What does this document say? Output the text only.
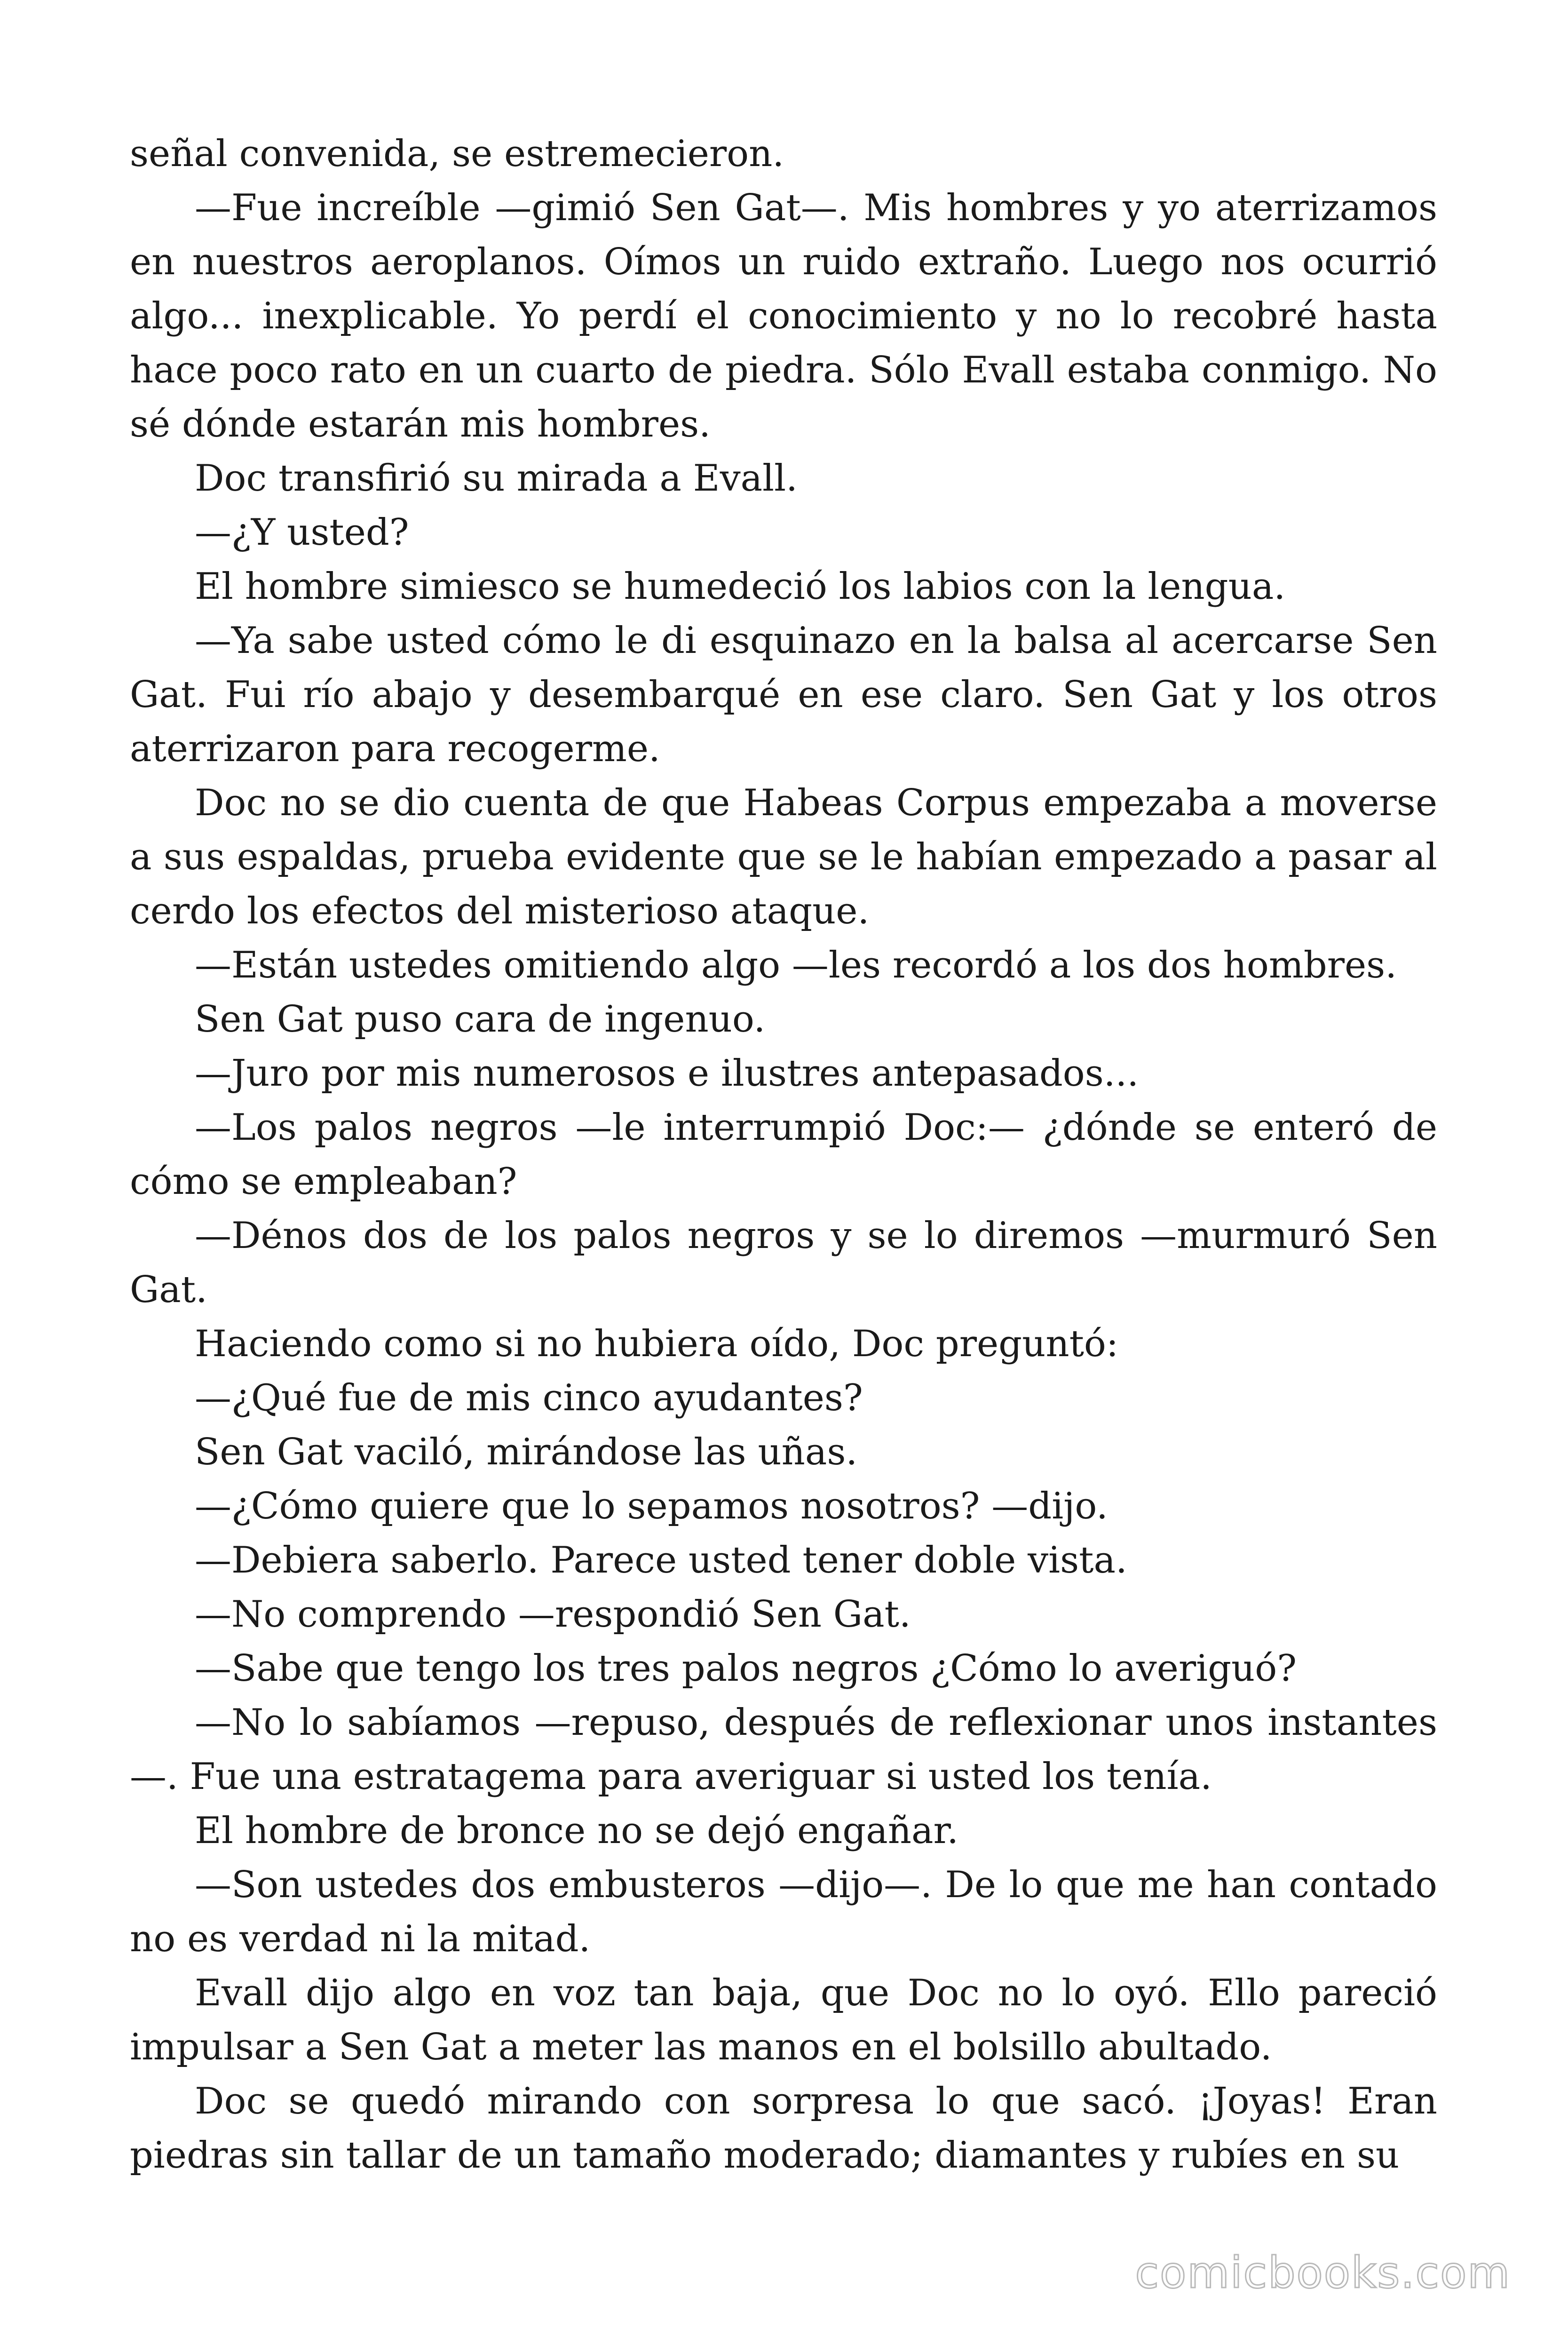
señal convenida, se estremecieron.

—Fue increíble —gimió Sen Gat—. Mis hombres y yo aterrizamos en nuestros aeroplanos. Oímos un ruido extraño. Luego nos ocurrió algo... inexplicable. Yo perdí el conocimiento y no lo recobré hasta hace poco rato en un cuarto de piedra. Sólo Evall estaba conmigo. No sé dónde estarán mis hombres.

Doc transfirió su mirada a Evall.

—¿Y usted?

El hombre simiesco se humedeció los labios con la lengua.

—Ya sabe usted cómo le di esquinazo en la balsa al acercarse Sen Gat. Fui río abajo y desembarqué en ese claro. Sen Gat y los otros aterrizaron para recogerme.

Doc no se dio cuenta de que Habeas Corpus empezaba a moverse a sus espaldas, prueba evidente que se le habían empezado a pasar al cerdo los efectos del misterioso ataque.

—Están ustedes omitiendo algo —les recordó a los dos hombres.

Sen Gat puso cara de ingenuo.

—Juro por mis numerosos e ilustres antepasados...

—Los palos negros —le interrumpió Doc:— ¿dónde se enteró de cómo se empleaban?

—Dénos dos de los palos negros y se lo diremos —murmuró Sen Gat.

Haciendo como si no hubiera oído, Doc preguntó:

—¿Qué fue de mis cinco ayudantes?

Sen Gat vaciló, mirándose las uñas.

—¿Cómo quiere que lo sepamos nosotros? —dijo.

—Debiera saberlo. Parece usted tener doble vista.

—No comprendo —respondió Sen Gat.

—Sabe que tengo los tres palos negros ¿Cómo lo averiguó?

—No lo sabíamos —repuso, después de reflexionar unos instantes—. Fue una estratagema para averiguar si usted los tenía.

El hombre de bronce no se dejó engañar.

—Son ustedes dos embusteros —dijo—. De lo que me han contado no es verdad ni la mitad.

Evall dijo algo en voz tan baja, que Doc no lo oyó. Ello pareció impulsar a Sen Gat a meter las manos en el bolsillo abultado.

Doc se quedó mirando con sorpresa lo que sacó. ¡Joyas! Eran piedras sin tallar de un tamaño moderado; diamantes y rubíes en su

comicbooks.com
